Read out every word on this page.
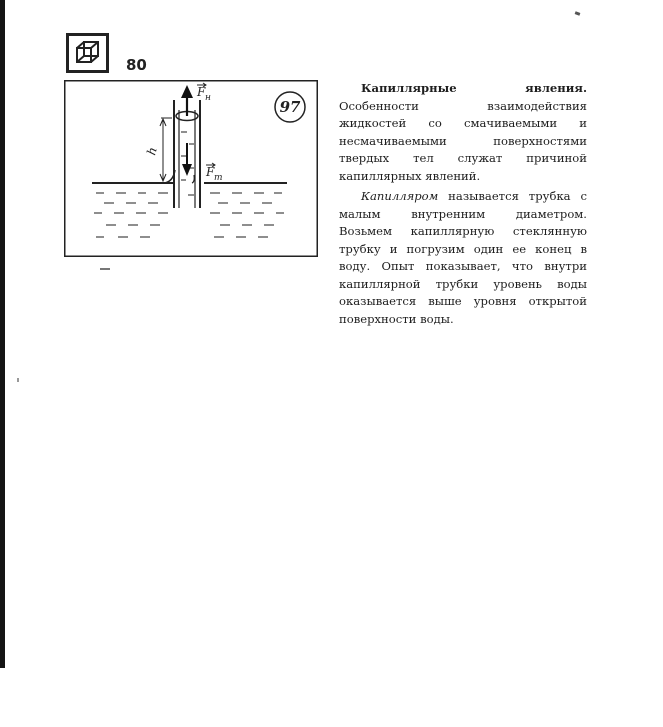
80
97
F н
F т
h

Капиллярные явления. Особенности взаимодействия жидкостей со смачиваемыми и несмачиваемыми поверхностями твердых тел служат причиной капиллярных явлений.

Капилляром называется трубка с малым внутренним диаметром. Возьмем капиллярную стеклянную трубку и погрузим один ее конец в воду. Опыт показывает, что внутри капиллярной трубки уровень воды оказывается выше уровня открытой поверхности воды.
